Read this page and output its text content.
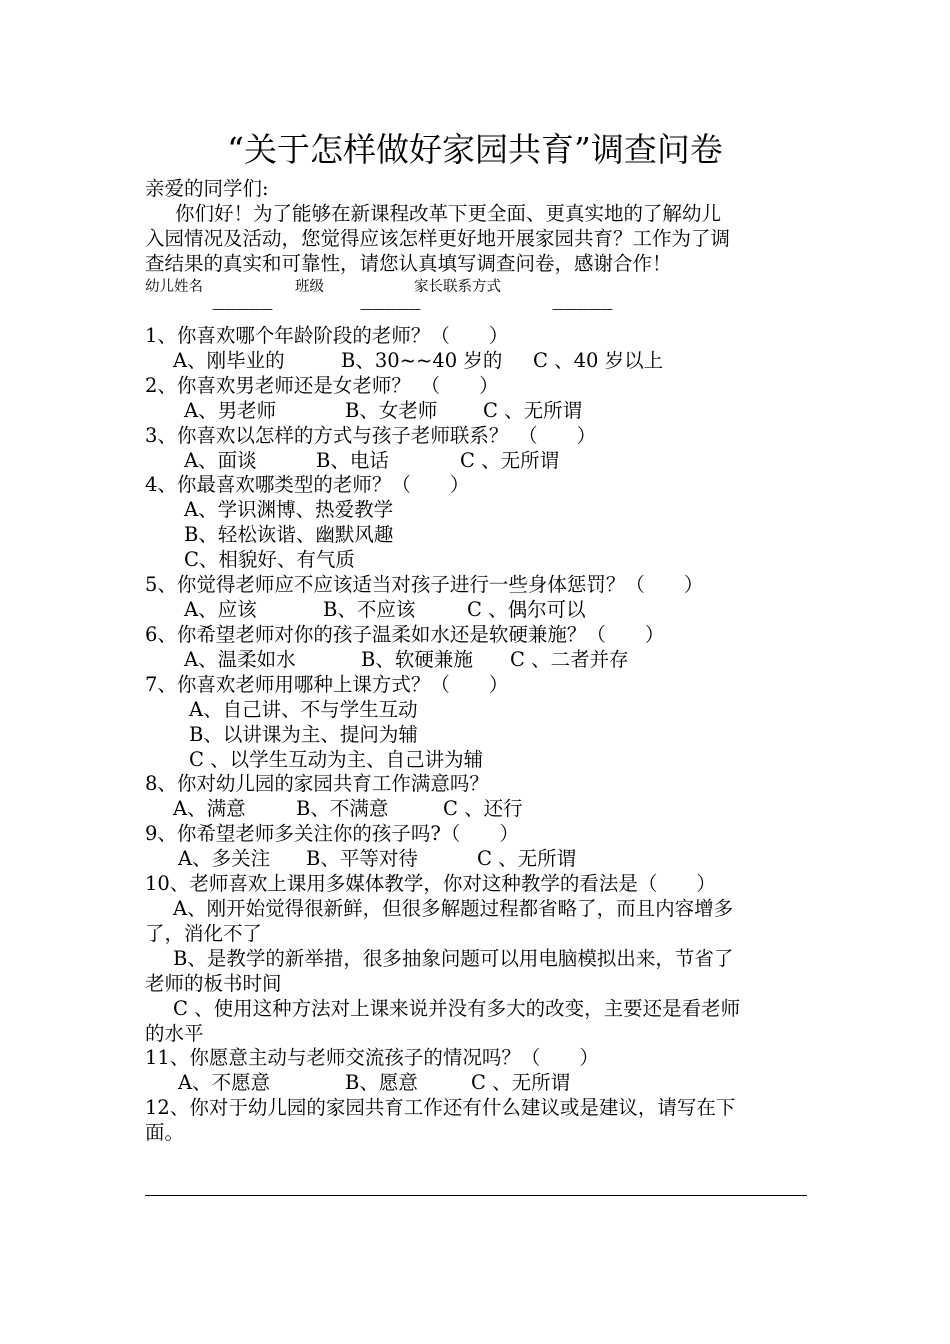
“关于怎样做好家园共育”调查问卷
亲爱的同学们:
你们好！为了能够在新课程改革下更全面、更真实地的了解幼儿
入园情况及活动，您觉得应该怎样更好地开展家园共育？工作为了调
查结果的真实和可靠性，请您认真填写调查问卷，感谢合作！
幼儿姓名	班级	家长联系方式
—————	—————	—————
1、你喜欢哪个年龄阶段的老师？（　　）
A、刚毕业的	B、30~~40 岁的 C 、40 岁以上
2、你喜欢男老师还是女老师？　（　　）
A、男老师	B、女老师 C 、无所谓
3、你喜欢以怎样的方式与孩子老师联系？　（　　）
A、面谈	B、电话	C 、无所谓
4、你最喜欢哪类型的老师？（　　）
A、学识渊博、热爱教学
B、轻松诙谐、幽默风趣
C、相貌好、有气质
5、你觉得老师应不应该适当对孩子进行一些身体惩罚？（　　）
A、应该	B、不应该	C 、偶尔可以
6、你希望老师对你的孩子温柔如水还是软硬兼施？（　　）
A、温柔如水	B、软硬兼施 C 、二者并存
7、你喜欢老师用哪种上课方式？（　　）
A、自己讲、不与学生互动
B、以讲课为主、提问为辅
C 、以学生互动为主、自己讲为辅
8、你对幼儿园的家园共育工作满意吗？
A、满意	B、不满意	C 、还行
9、你希望老师多关注你的孩子吗?（　　）
A、多关注 B、平等对待	C 、无所谓
10、老师喜欢上课用多媒体教学，你对这种教学的看法是（　　）
A、刚开始觉得很新鲜，但很多解题过程都省略了，而且内容增多
了，消化不了
B、是教学的新举措，很多抽象问题可以用电脑模拟出来，节省了
老师的板书时间
C 、使用这种方法对上课来说并没有多大的改变，主要还是看老师
的水平
11、你愿意主动与老师交流孩子的情况吗？（　　）
A、不愿意	B、愿意	C 、无所谓
12、你对于幼儿园的家园共育工作还有什么建议或是建议，请写在下
面。
